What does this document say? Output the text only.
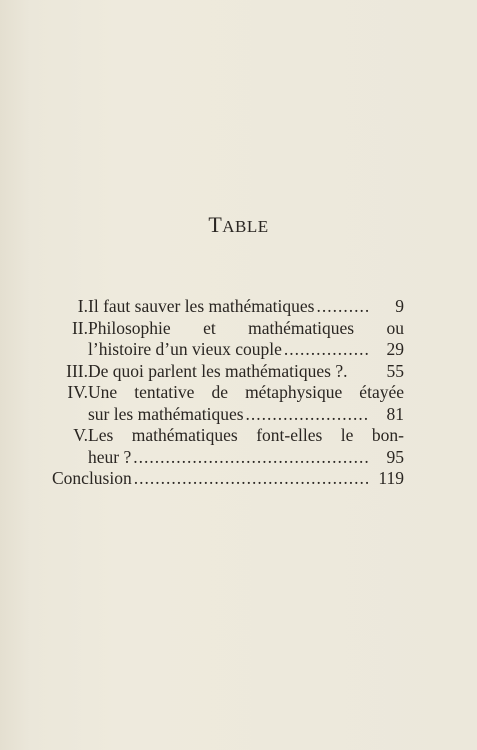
TABLE
I. Il faut sauver les mathématiques .....	9
II. Philosophie et mathématiques ou
l’histoire d’un vieux couple .....	29
III. De quoi parlent les mathématiques ?.	55
IV. Une tentative de métaphysique étayée
sur les mathématiques .....	81
V. Les mathématiques font-elles le bon-
heur ? .....	95
Conclusion .....	119
